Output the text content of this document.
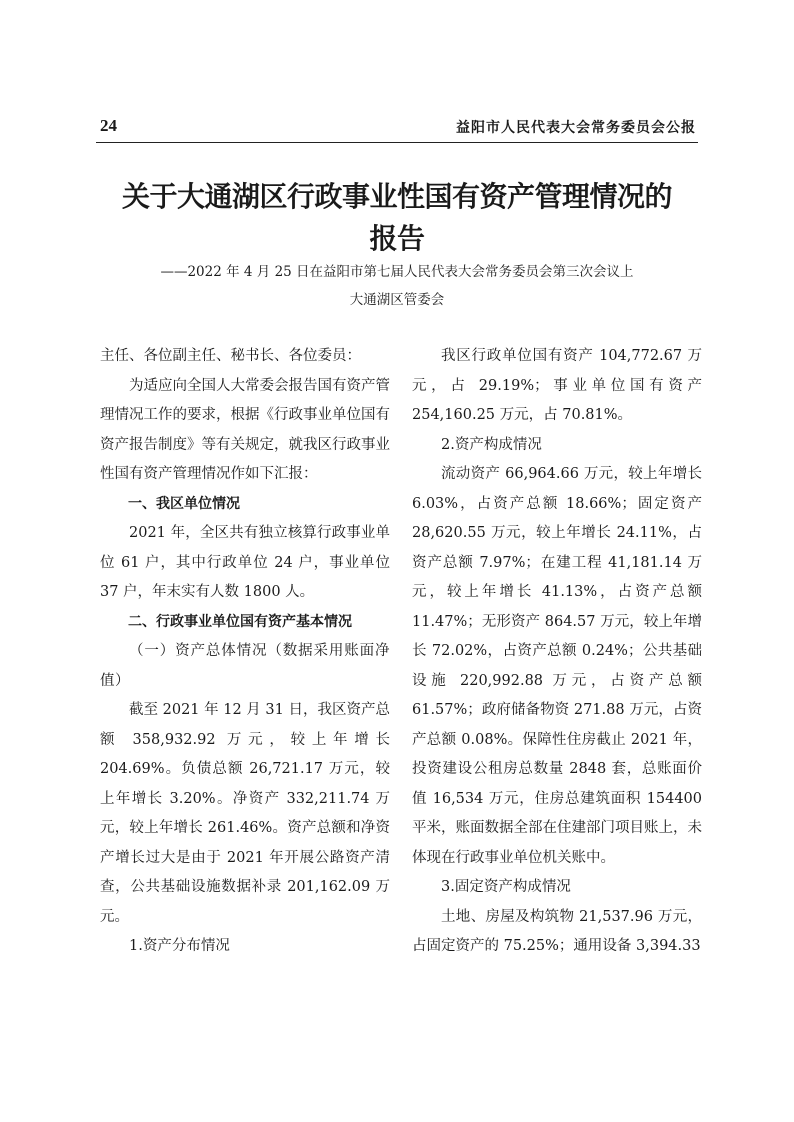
24	益阳市人民代表大会常务委员会公报
关于大通湖区行政事业性国有资产管理情况的
报告
——2022 年 4 月 25 日在益阳市第七届人民代表大会常务委员会第三次会议上
大通湖区管委会

主任、各位副主任、秘书长、各位委员：

为适应向全国人大常委会报告国有资产管理情况工作的要求，根据《行政事业单位国有资产报告制度》等有关规定，就我区行政事业性国有资产管理情况作如下汇报：

一、我区单位情况

2021 年，全区共有独立核算行政事业单位 61 户，其中行政单位 24 户，事业单位 37 户，年末实有人数 1800 人。

二、行政事业单位国有资产基本情况

（一）资产总体情况（数据采用账面净值）

截至 2021 年 12 月 31 日，我区资产总额 358,932.92 万元，较上年增长 204.69%。负债总额 26,721.17 万元，较上年增长 3.20%。净资产 332,211.74 万元，较上年增长 261.46%。资产总额和净资产增长过大是由于 2021 年开展公路资产清查，公共基础设施数据补录 201,162.09 万元。

1.资产分布情况

我区行政单位国有资产 104,772.67 万元，占 29.19%；事业单位国有资产 254,160.25 万元，占 70.81%。

2.资产构成情况

流动资产 66,964.66 万元，较上年增长 6.03%，占资产总额 18.66%；固定资产 28,620.55 万元，较上年增长 24.11%，占资产总额 7.97%；在建工程 41,181.14 万元，较上年增长 41.13%，占资产总额 11.47%；无形资产 864.57 万元，较上年增长 72.02%，占资产总额 0.24%；公共基础设施 220,992.88 万元，占资产总额 61.57%；政府储备物资 271.88 万元，占资产总额 0.08%。保障性住房截止 2021 年，投资建设公租房总数量 2848 套，总账面价值 16,534 万元，住房总建筑面积 154400 平米，账面数据全部在住建部门项目账上，未体现在行政事业单位机关账中。

3.固定资产构成情况

土地、房屋及构筑物 21,537.96 万元，占固定资产的 75.25%；通用设备 3,394.33
